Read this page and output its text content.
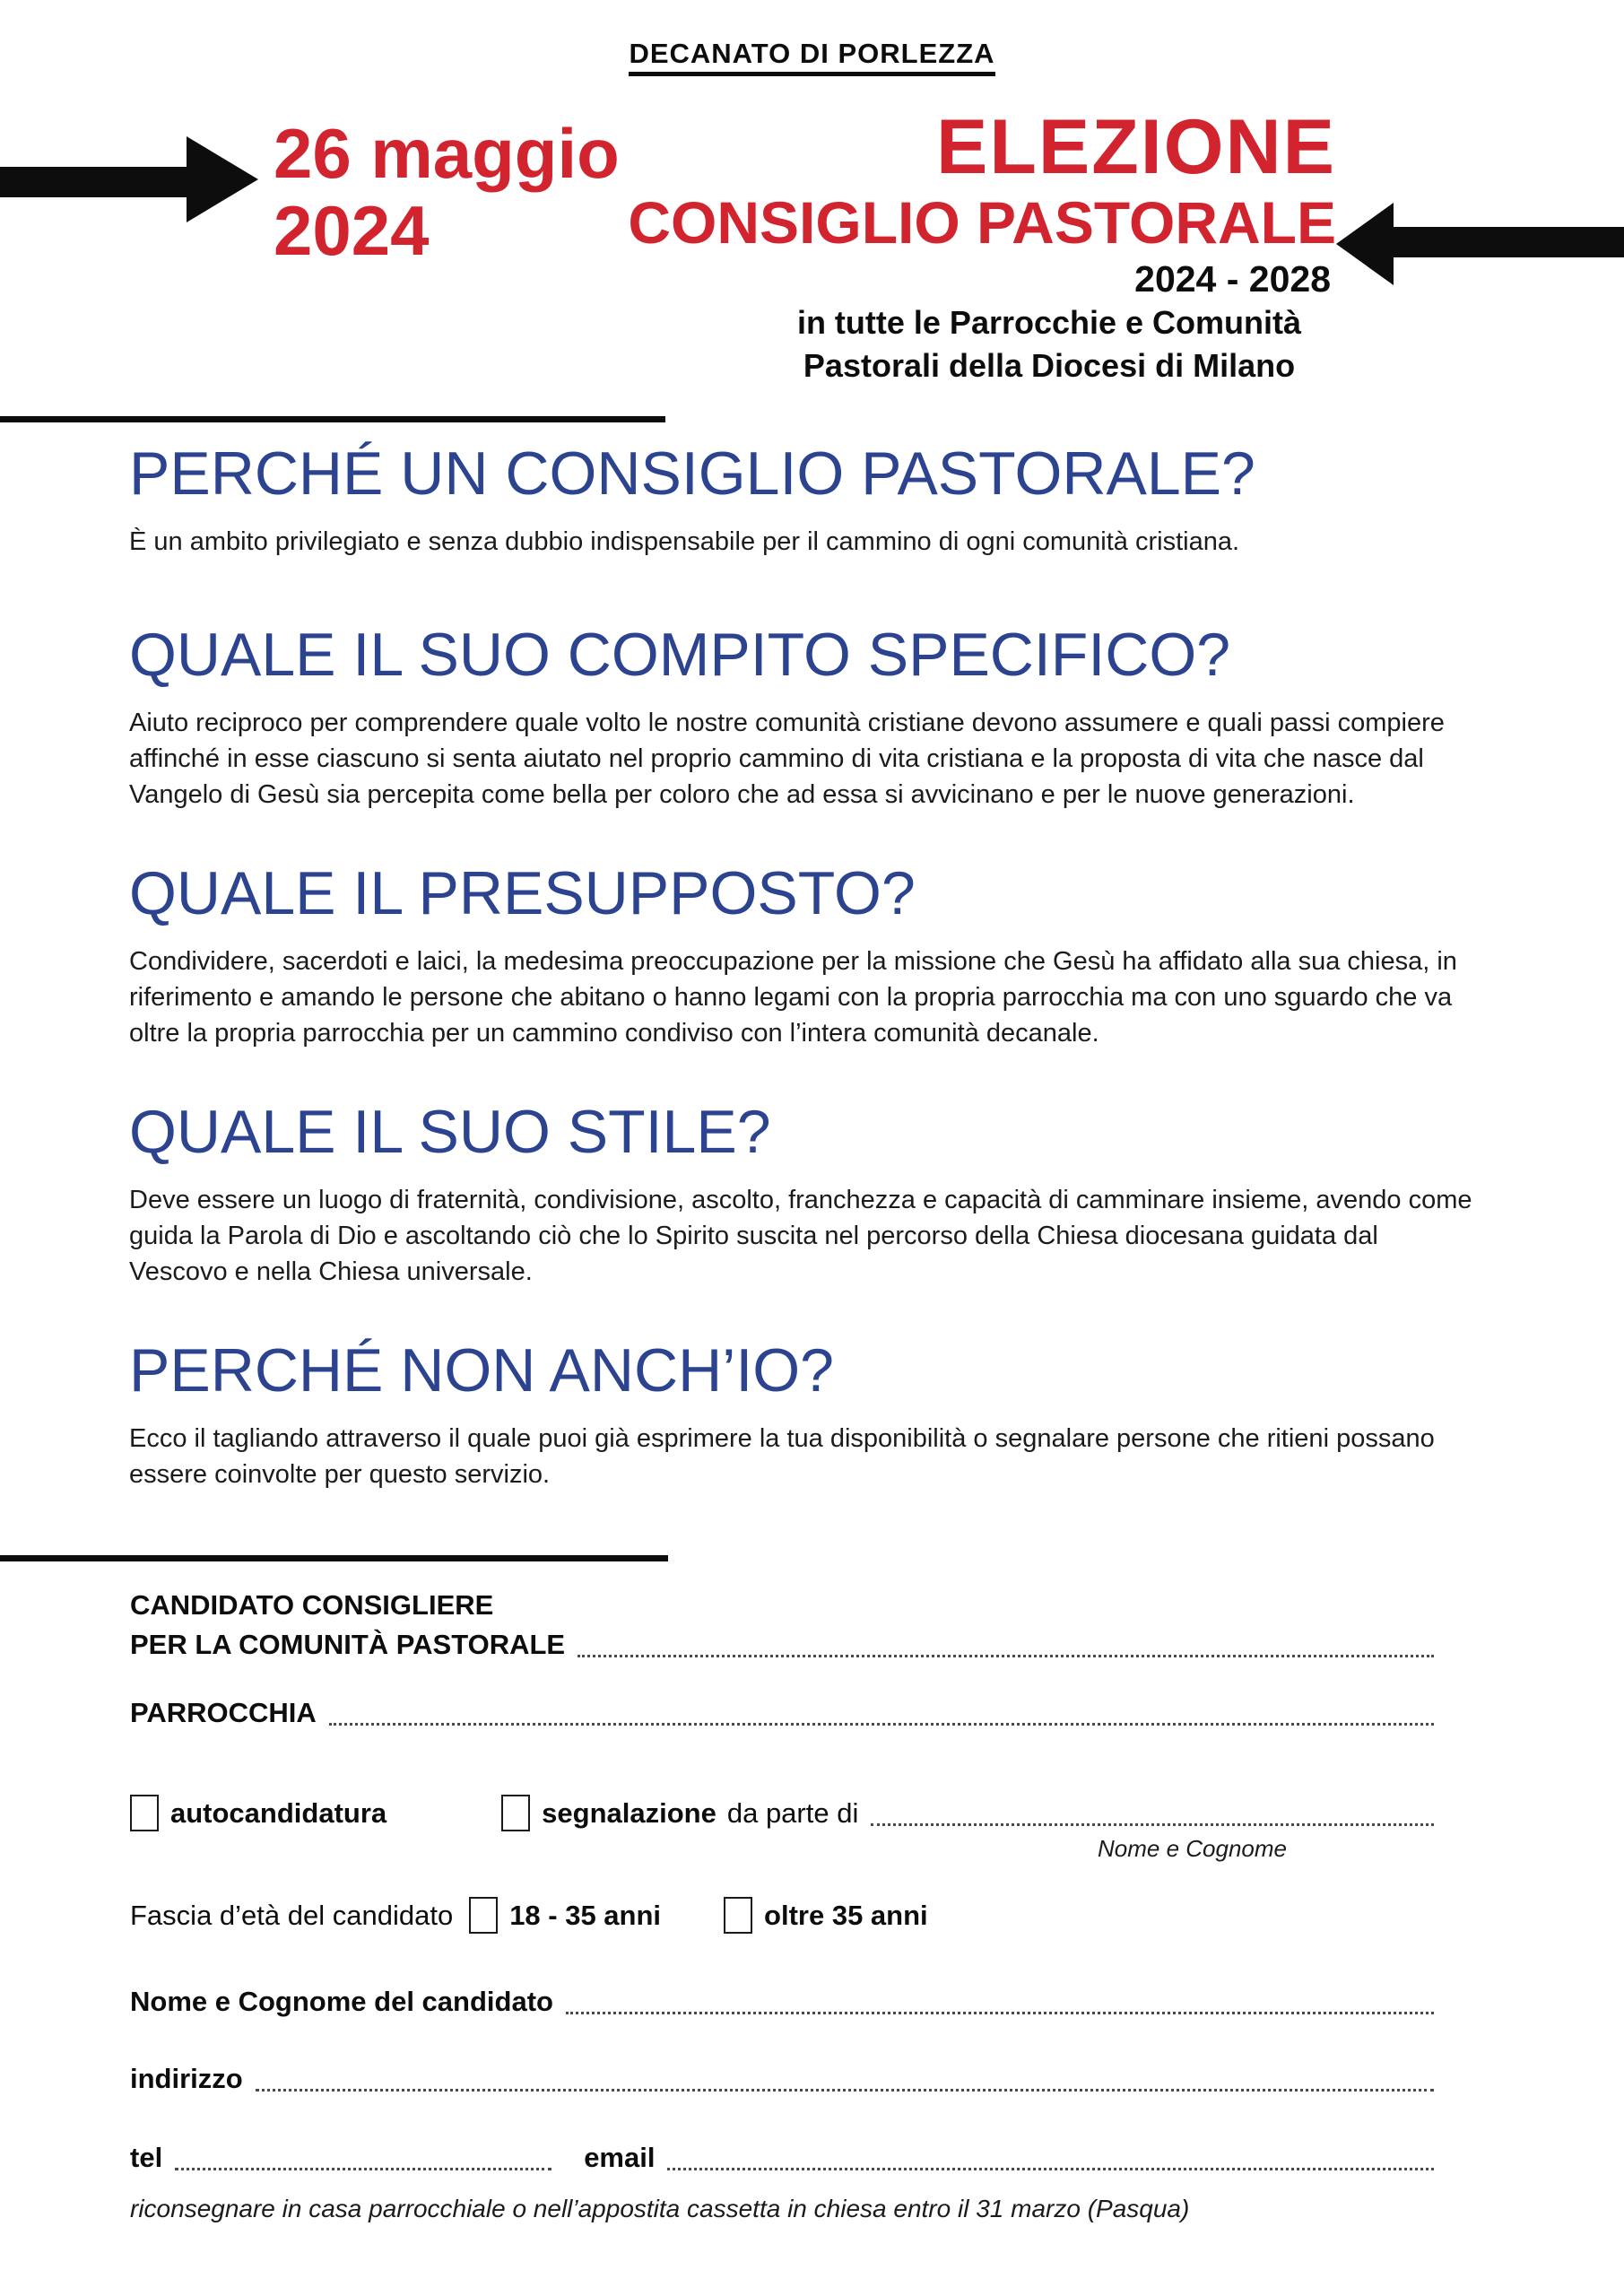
DECANATO DI PORLEZZA
26 maggio
2024
ELEZIONE
CONSIGLIO PASTORALE
2024 - 2028
in tutte le Parrocchie e Comunità
Pastorali della Diocesi di Milano
PERCHÉ UN CONSIGLIO PASTORALE?

È un ambito privilegiato e senza dubbio indispensabile per il cammino di ogni comunità cristiana.

QUALE IL SUO COMPITO SPECIFICO?

Aiuto reciproco per comprendere quale volto le nostre comunità cristiane devono assumere e quali passi compiere affinché in esse ciascuno si senta aiutato nel proprio cammino di vita cristiana e la proposta di vita che nasce dal Vangelo di Gesù sia percepita come bella per coloro che ad essa si avvicinano e per le nuove generazioni.

QUALE IL PRESUPPOSTO?

Condividere, sacerdoti e laici, la medesima preoccupazione per la missione che Gesù ha affidato alla sua chiesa, in riferimento e amando le persone che abitano o hanno legami con la propria parrocchia ma con uno sguardo che va oltre la propria parrocchia per un cammino condiviso con l’intera comunità decanale.

QUALE IL SUO STILE?

Deve essere un luogo di fraternità, condivisione, ascolto, franchezza e capacità di camminare insieme, avendo come guida la Parola di Dio e ascoltando ciò che lo Spirito suscita nel percorso della Chiesa diocesana guidata dal Vescovo e nella Chiesa universale.

PERCHÉ NON ANCH’IO?

Ecco il tagliando attraverso il quale puoi già esprimere la tua disponibilità o segnalare persone che ritieni possano essere coinvolte per questo servizio.

CANDIDATO CONSIGLIERE
PER LA COMUNITÀ PASTORALE
PARROCCHIA
autocandidatura	segnalazione da parte di
Nome e Cognome
Fascia d’età del candidato 18 - 35 anni	oltre 35 anni
Nome e Cognome del candidato
indirizzo
tel	email
riconsegnare in casa parrocchiale o nell’appostita cassetta in chiesa entro il 31 marzo (Pasqua)
